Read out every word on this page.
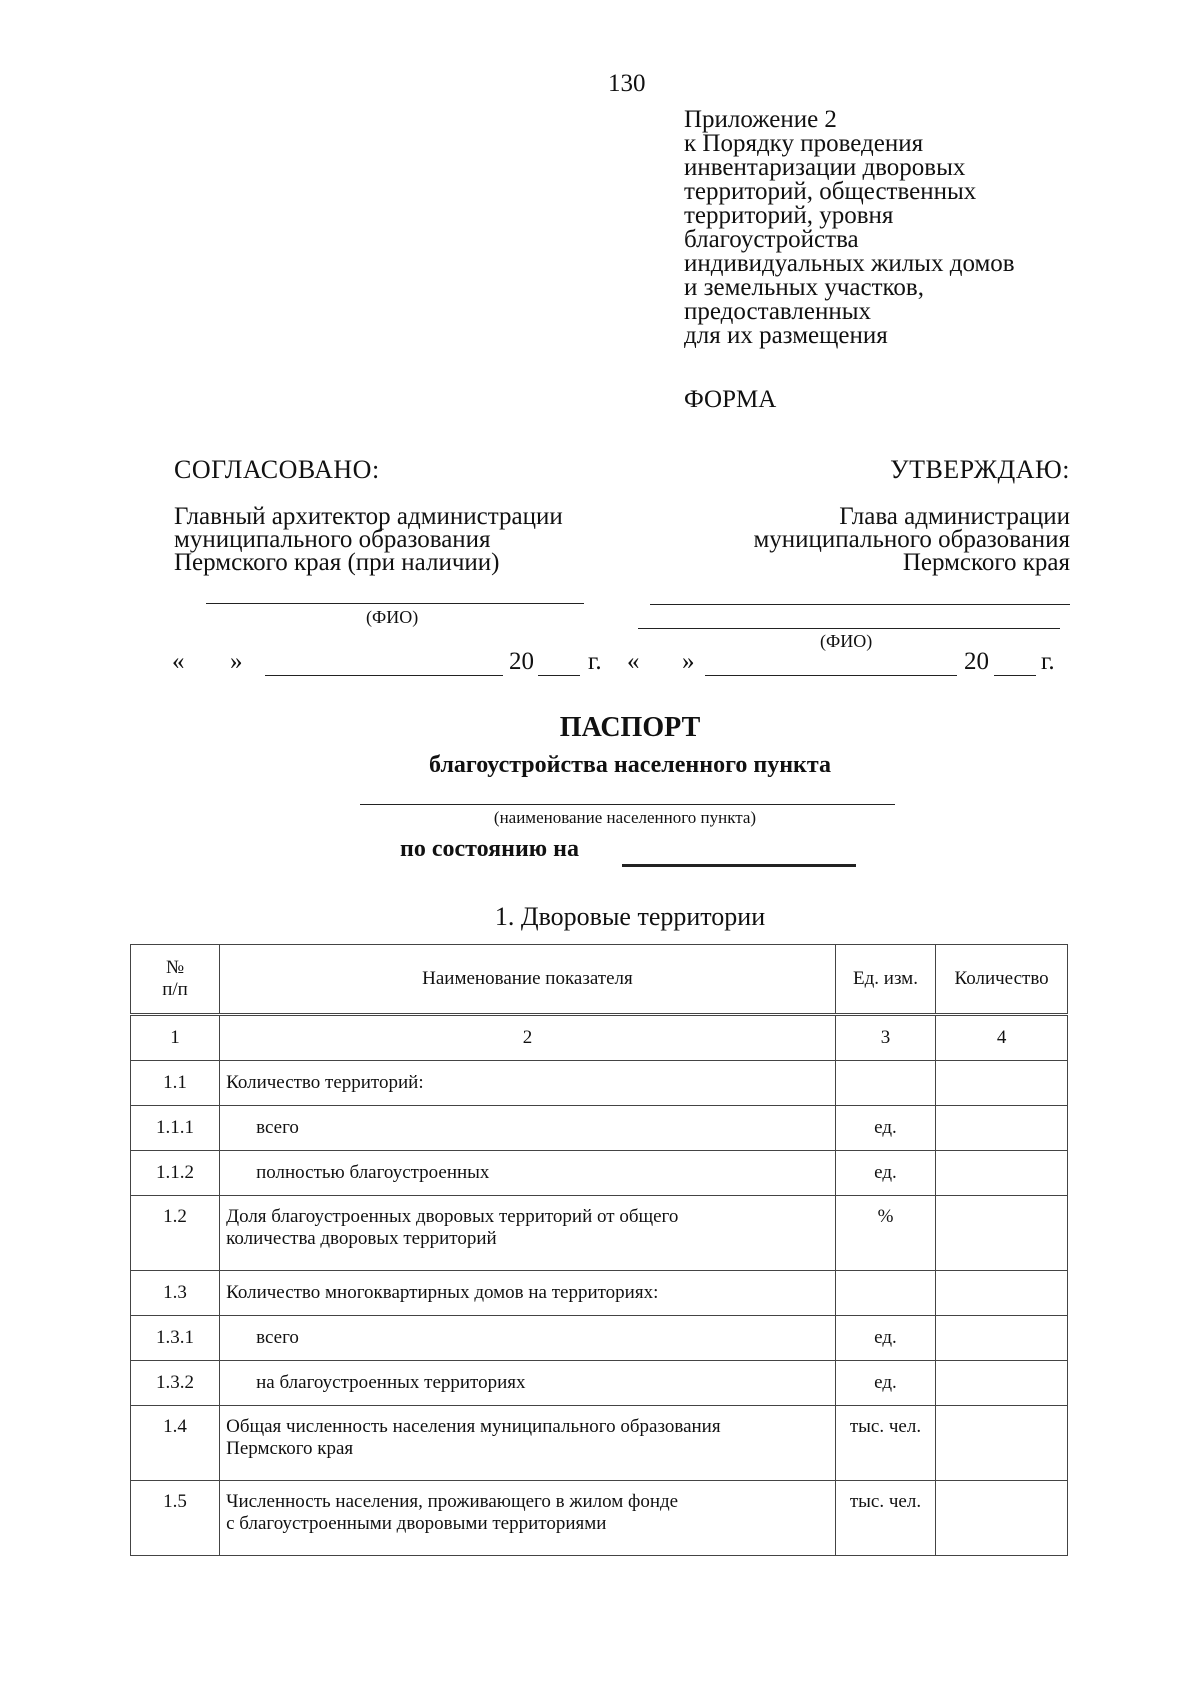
130
Приложение 2
к Порядку проведения
инвентаризации дворовых
территорий, общественных
территорий, уровня
благоустройства
индивидуальных жилых домов
и земельных участков,
предоставленных
для их размещения
ФОРМА
СОГЛАСОВАНО:
Главный архитектор администрации
муниципального образования
Пермского края (при наличии)
УТВЕРЖДАЮ:
Глава администрации
муниципального образования
Пермского края
(ФИО)
(ФИО)
« »	20 г. « »	20 г.
ПАСПОРТ
благоустройства населенного пункта
(наименование населенного пункта)
по состоянию на
1. Дворовые территории
№
п/п	Наименование показателя	Ед. изм.	Количество
1	2	3	4
1.1	Количество территорий:		
1.1.1	всего	ед.	
1.1.2	полностью благоустроенных	ед.	
1.2	Доля благоустроенных дворовых территорий от общего
количества дворовых территорий	%	
1.3	Количество многоквартирных домов на территориях:		
1.3.1	всего	ед.	
1.3.2	на благоустроенных территориях	ед.	
1.4	Общая численность населения муниципального образования
Пермского края	тыс. чел.	
1.5	Численность населения, проживающего в жилом фонде
с благоустроенными дворовыми территориями	тыс. чел.	
